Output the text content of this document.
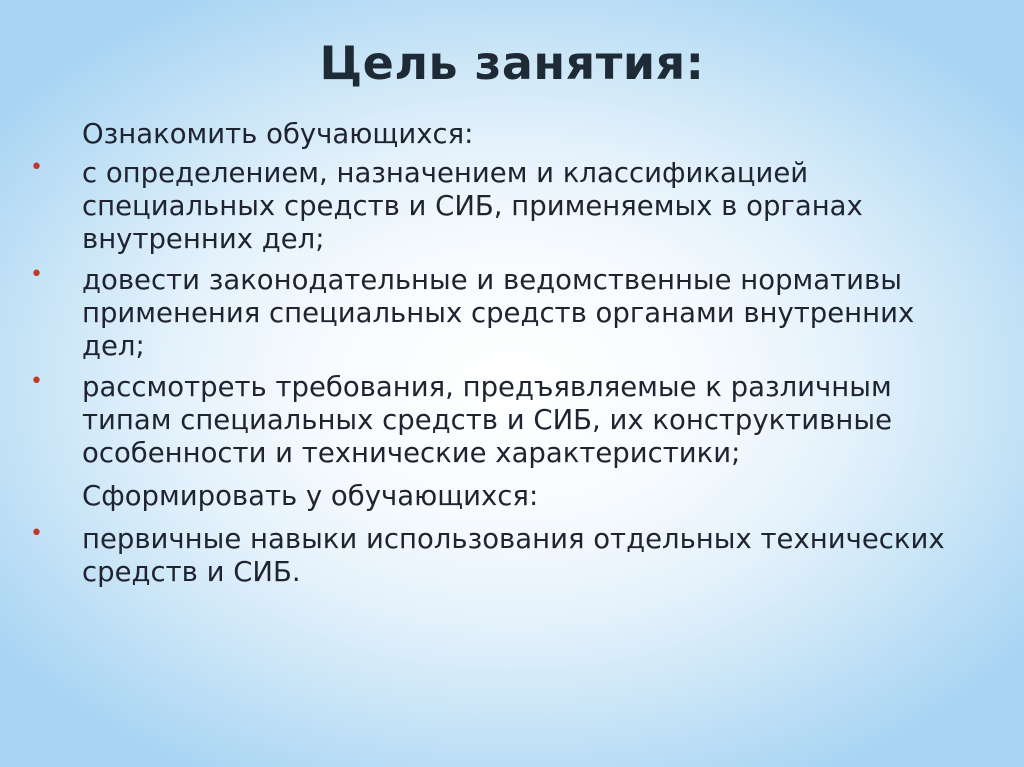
Цель занятия:
Ознакомить обучающихся:
• с определением, назначением и классификацией специальных средств и СИБ, применяемых в органах внутренних дел;
• довести законодательные и ведомственные нормативы применения специальных средств органами внутренних дел;
• рассмотреть требования, предъявляемые к различным типам специальных средств и СИБ, их конструктивные особенности и технические характеристики;
Сформировать у обучающихся:
• первичные навыки использования отдельных технических средств и СИБ.
